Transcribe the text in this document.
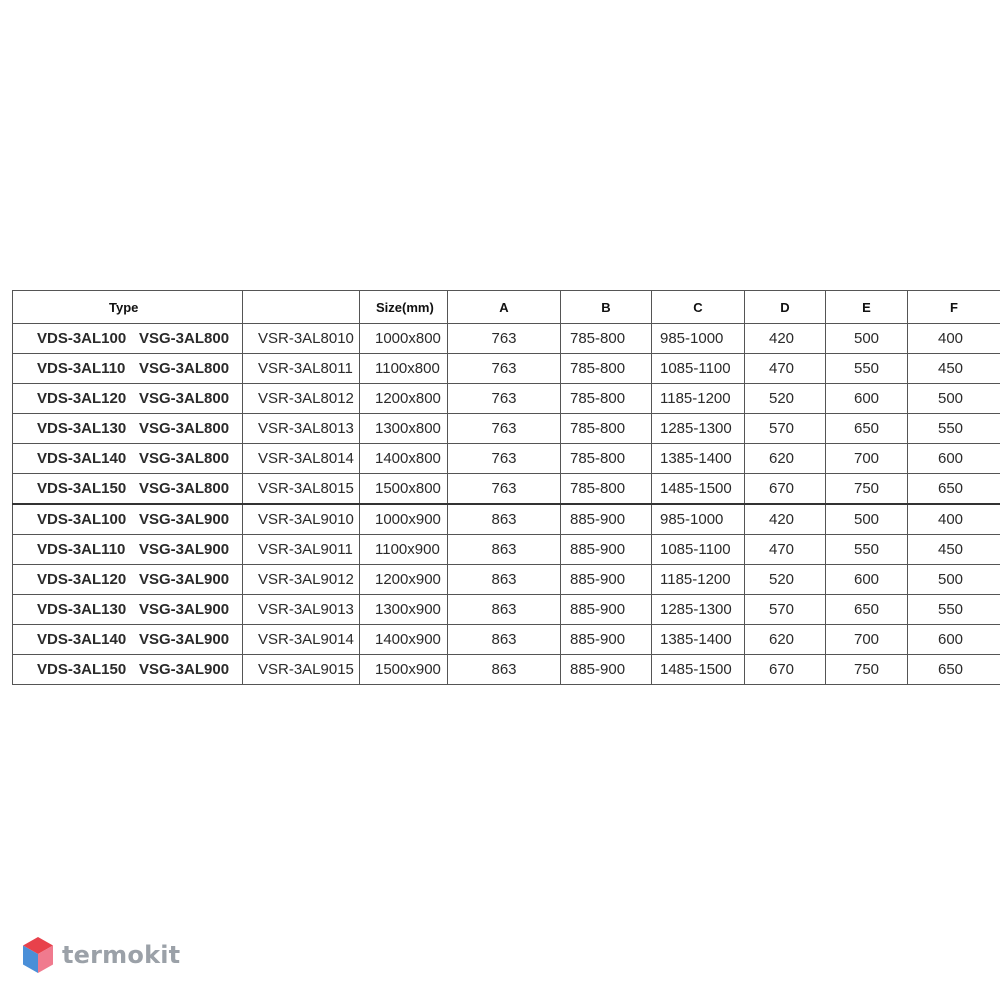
Type		Size(mm)	A	B	C	D	E	F

VDS-3AL100 VSG-3AL800	VSR-3AL8010	1000x800	763	785-800	985-1000	420	500	400

VDS-3AL110 VSG-3AL800	VSR-3AL8011	1100x800	763	785-800	1085-1100	470	550	450

VDS-3AL120 VSG-3AL800	VSR-3AL8012	1200x800	763	785-800	1185-1200	520	600	500

VDS-3AL130 VSG-3AL800	VSR-3AL8013	1300x800	763	785-800	1285-1300	570	650	550

VDS-3AL140 VSG-3AL800	VSR-3AL8014	1400x800	763	785-800	1385-1400	620	700	600

VDS-3AL150 VSG-3AL800	VSR-3AL8015	1500x800	763	785-800	1485-1500	670	750	650

VDS-3AL100 VSG-3AL900	VSR-3AL9010	1000x900	863	885-900	985-1000	420	500	400

VDS-3AL110 VSG-3AL900	VSR-3AL9011	1100x900	863	885-900	1085-1100	470	550	450

VDS-3AL120 VSG-3AL900	VSR-3AL9012	1200x900	863	885-900	1185-1200	520	600	500

VDS-3AL130 VSG-3AL900	VSR-3AL9013	1300x900	863	885-900	1285-1300	570	650	550

VDS-3AL140 VSG-3AL900	VSR-3AL9014	1400x900	863	885-900	1385-1400	620	700	600

VDS-3AL150 VSG-3AL900	VSR-3AL9015	1500x900	863	885-900	1485-1500	670	750	650
termokit
